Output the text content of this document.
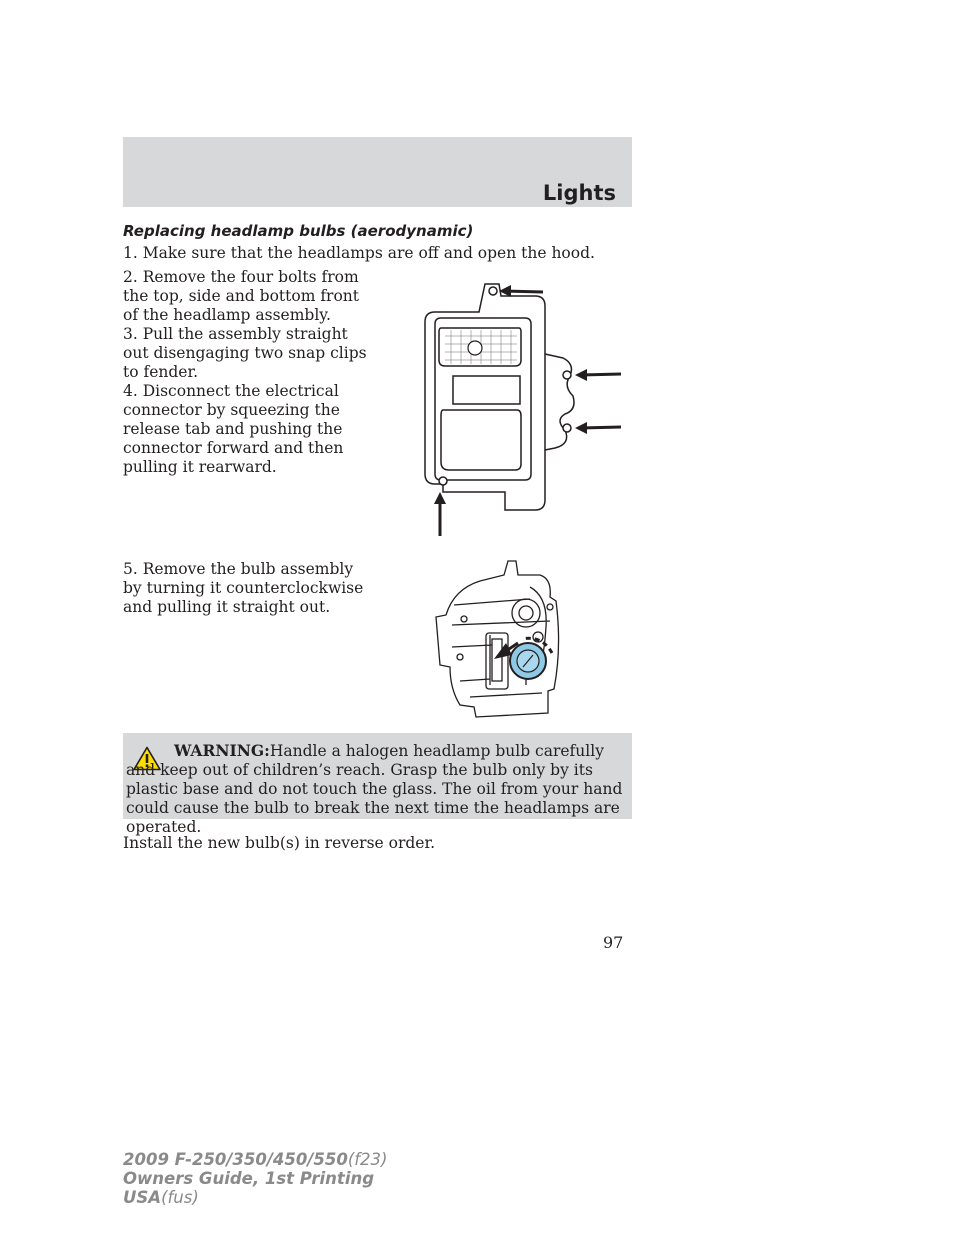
Lights
Replacing headlamp bulbs (aerodynamic)

1. Make sure that the headlamps are off and open the hood.

2. Remove the four bolts from the top, side and bottom front of the headlamp assembly.

3. Pull the assembly straight out disengaging two snap clips to fender.

4. Disconnect the electrical connector by squeezing the release tab and pushing the connector forward and then pulling it rearward.

5. Remove the bulb assembly by turning it counterclockwise and pulling it straight out.

WARNING:Handle a halogen headlamp bulb carefully and keep out of children’s reach. Grasp the bulb only by its plastic base and do not touch the glass. The oil from your hand could cause the bulb to break the next time the headlamps are operated.

Install the new bulb(s) in reverse order.

97

2009 F-250/350/450/550(f23)
Owners Guide, 1st Printing
USA(fus)
